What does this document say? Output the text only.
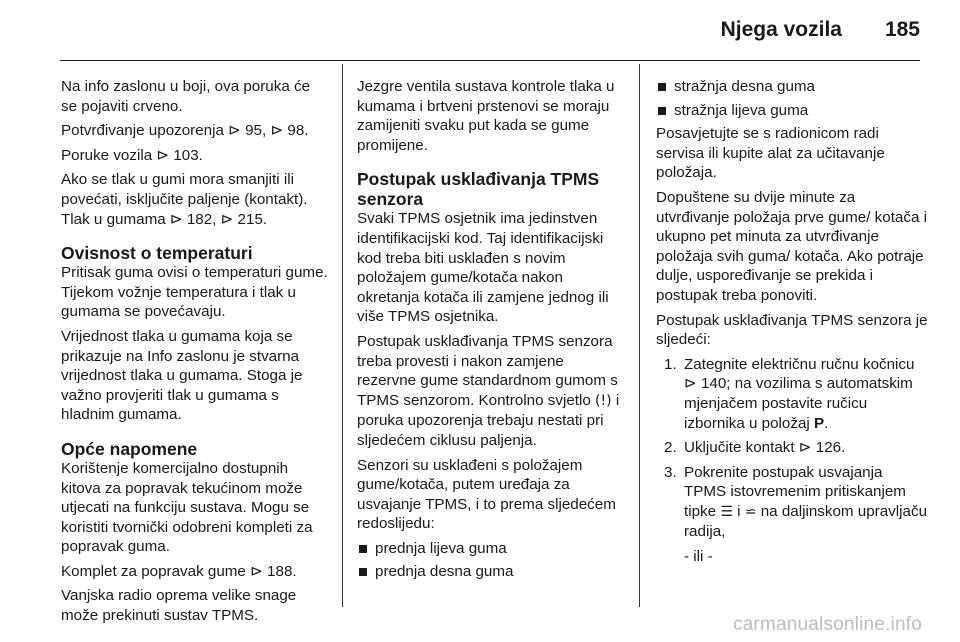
Njega vozila 185

Na info zaslonu u boji, ova poruka će se pojaviti crveno.

Potvrđivanje upozorenja ⊳ 95, ⊳ 98.

Poruke vozila ⊳ 103.

Ako se tlak u gumi mora smanjiti ili povećati, isključite paljenje (kontakt). Tlak u gumama ⊳ 182, ⊳ 215.

Ovisnost o temperaturi

Pritisak guma ovisi o temperaturi gume. Tijekom vožnje temperatura i tlak u gumama se povećavaju.

Vrijednost tlaka u gumama koja se prikazuje na Info zaslonu je stvarna vrijednost tlaka u gumama. Stoga je važno provjeriti tlak u gumama s hladnim gumama.

Opće napomene

Korištenje komercijalno dostupnih kitova za popravak tekućinom može utjecati na funkciju sustava. Mogu se koristiti tvornički odobreni kompleti za popravak guma.

Komplet za popravak gume ⊳ 188.

Vanjska radio oprema velike snage može prekinuti sustav TPMS.

Jezgre ventila sustava kontrole tlaka u kumama i brtveni prstenovi se moraju zamijeniti svaku put kada se gume promijene.

Postupak usklađivanja TPMS senzora

Svaki TPMS osjetnik ima jedinstven identifikacijski kod. Taj identifikacijski kod treba biti usklađen s novim položajem gume/kotača nakon okretanja kotača ili zamjene jednog ili više TPMS osjetnika.

Postupak usklađivanja TPMS senzora treba provesti i nakon zamjene rezervne gume standardnom gumom s TPMS senzorom. Kontrolno svjetlo (!) i poruka upozorenja trebaju nestati pri sljedećem ciklusu paljenja.

Senzori su usklađeni s položajem gume/kotača, putem uređaja za usvajanje TPMS, i to prema sljedećem redoslijedu:

prednja lijeva guma
prednja desna guma
stražnja desna guma
stražnja lijeva guma

Posavjetujte se s radionicom radi servisa ili kupite alat za učitavanje položaja.

Dopuštene su dvije minute za utvrđivanje položaja prve gume/ kotača i ukupno pet minuta za utvrđivanje položaja svih guma/ kotača. Ako potraje dulje, uspoređivanje se prekida i postupak treba ponoviti.

Postupak usklađivanja TPMS senzora je sljedeći:

1. Zategnite električnu ručnu kočnicu ⊳ 140; na vozilima s automatskim mjenjačem postavite ručicu izbornika u položaj P.
2. Uključite kontakt ⊳ 126.
3. Pokrenite postupak usvajanja TPMS istovremenim pritiskanjem tipke ☰ i ⋍ na daljinskom upravljaču radija,
- ili -
carmanualsonline.info
